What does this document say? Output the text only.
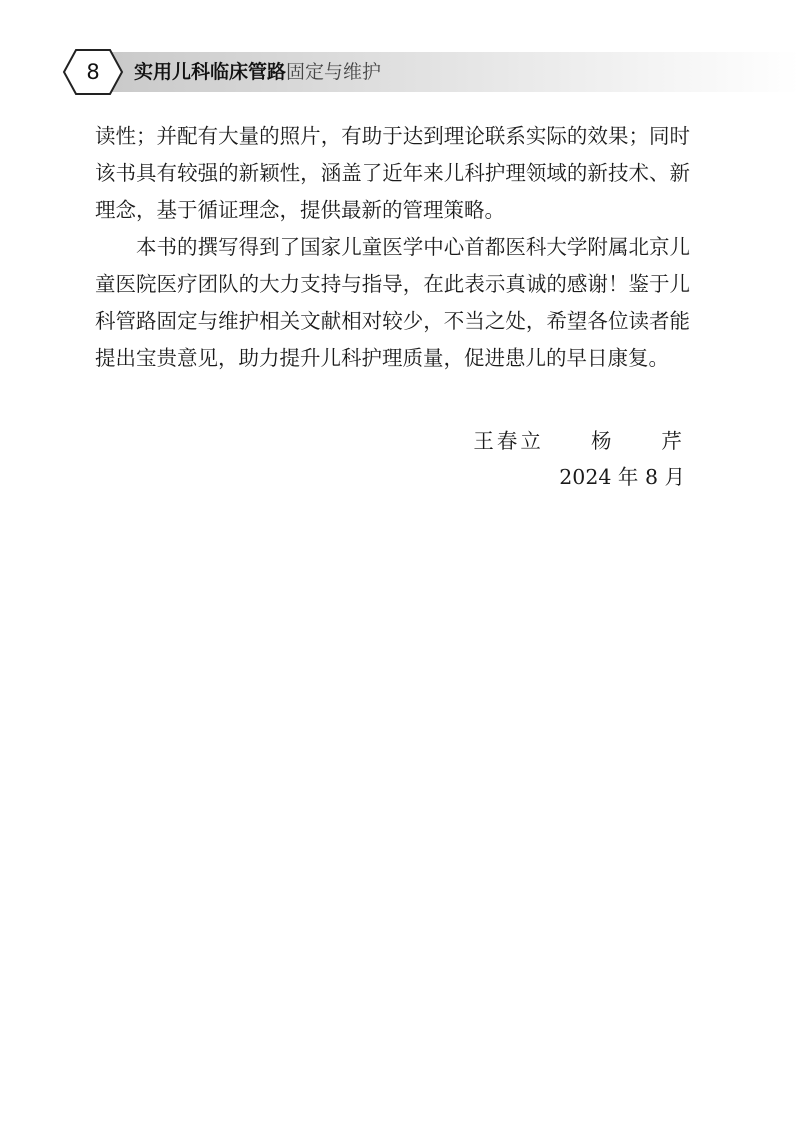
8	实用儿科临床管路固定与维护

读性；并配有大量的照片，有助于达到理论联系实际的效果；同时该书具有较强的新颖性，涵盖了近年来儿科护理领域的新技术、新理念，基于循证理念，提供最新的管理策略。

本书的撰写得到了国家儿童医学中心首都医科大学附属北京儿童医院医疗团队的大力支持与指导，在此表示真诚的感谢！鉴于儿科管路固定与维护相关文献相对较少，不当之处，希望各位读者能提出宝贵意见，助力提升儿科护理质量，促进患儿的早日康复。

王春立  杨  芹
2024 年 8 月
